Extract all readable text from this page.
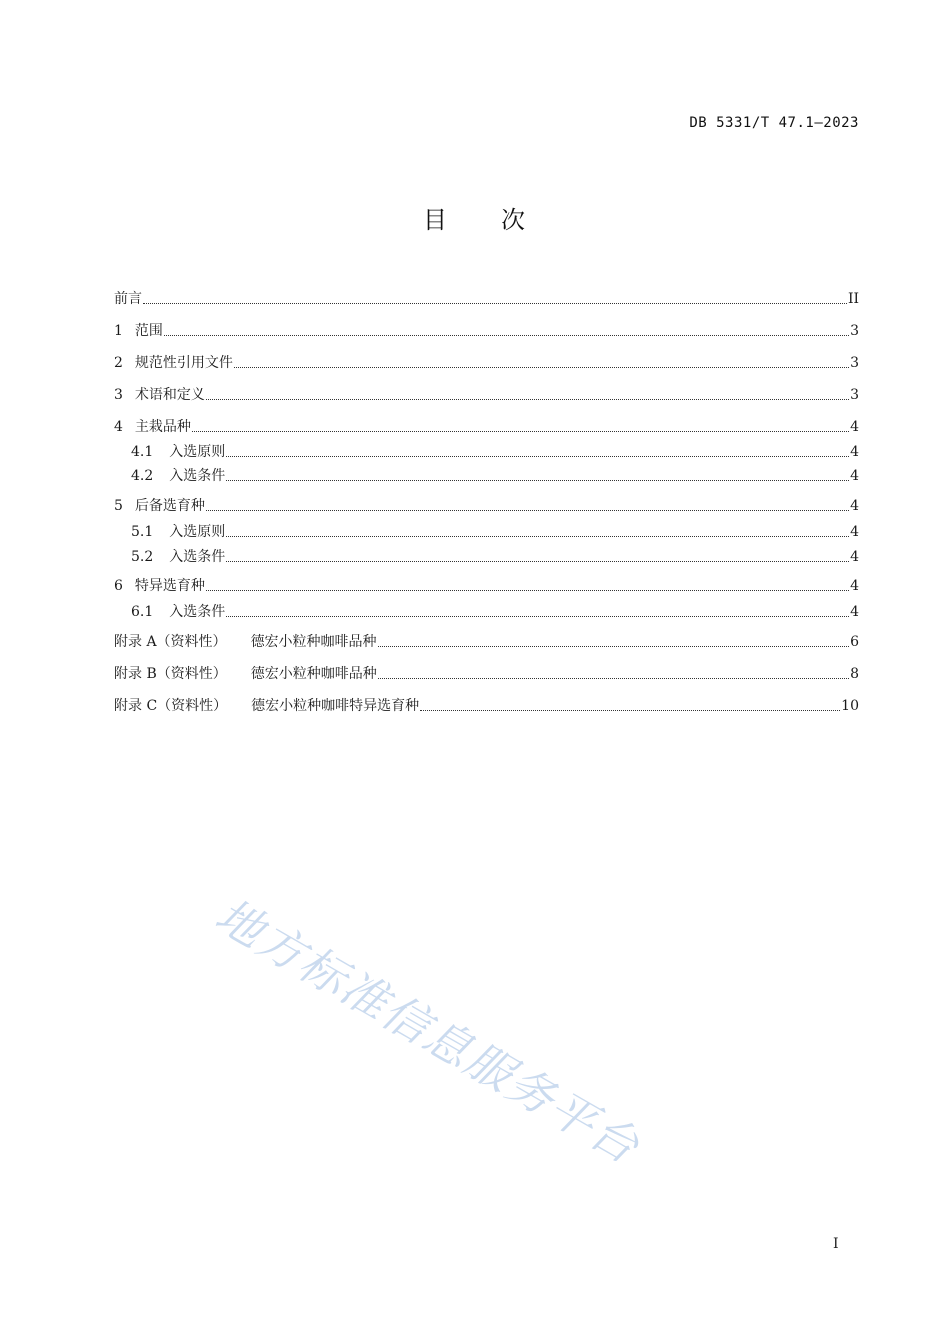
DB 5331/T 47.1—2023
目 次
前言	II
1 范围	3
2 规范性引用文件	3
3 术语和定义	3
4 主栽品种	4
4.1 入选原则	4
4.2 入选条件	4
5 后备选育种	4
5.1 入选原则	4
5.2 入选条件	4
6 特异选育种	4
6.1 入选条件	4
附录 A（资料性） 德宏小粒种咖啡品种	6
附录 B（资料性） 德宏小粒种咖啡品种	8
附录 C（资料性） 德宏小粒种咖啡特异选育种	10
地方标准信息服务平台
I
